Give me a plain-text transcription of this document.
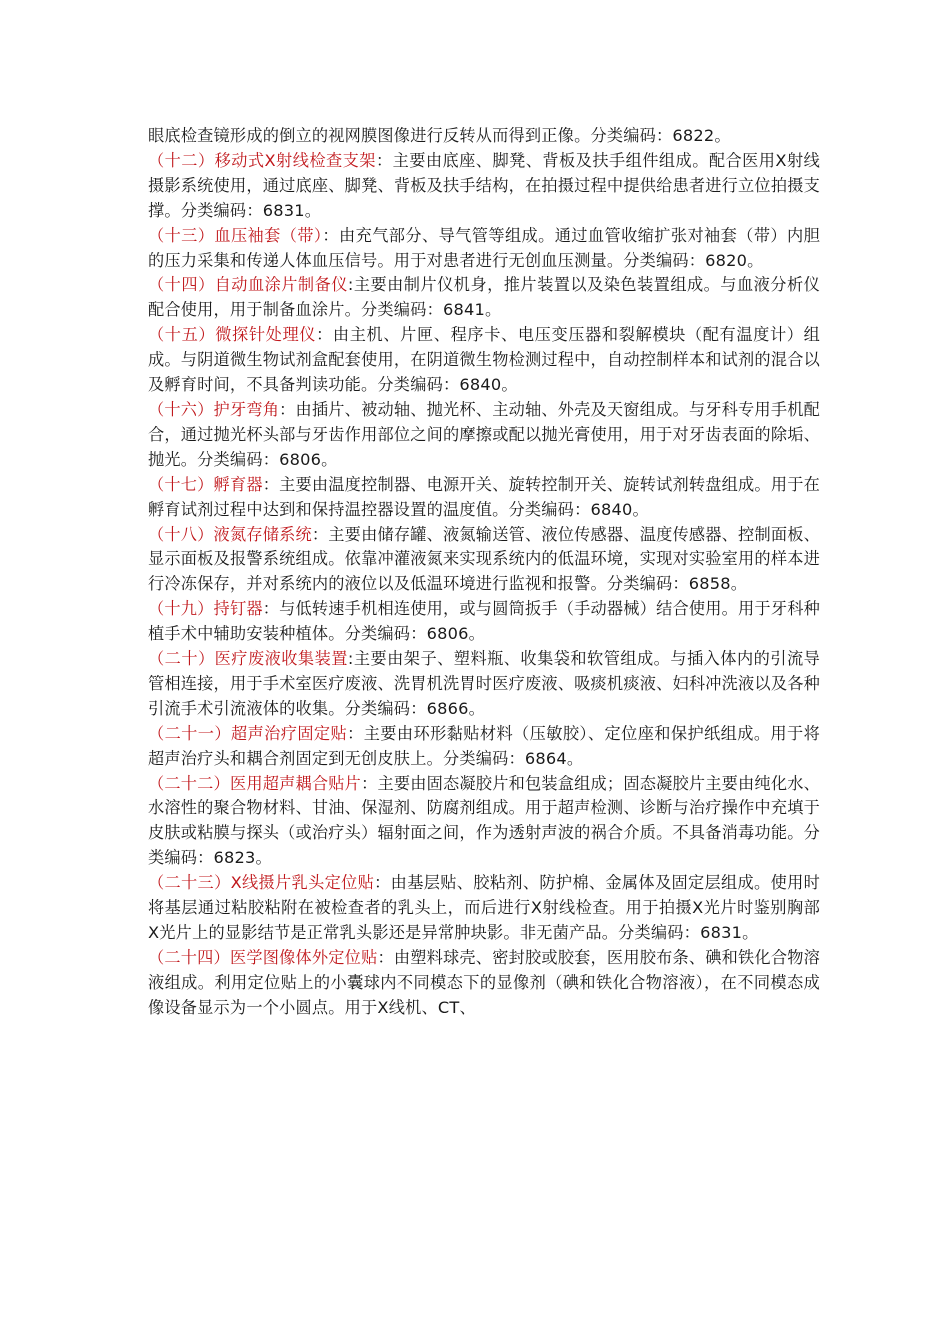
眼底检查镜形成的倒立的视网膜图像进行反转从而得到正像。分类编码：6822。

（十二）移动式X射线检查支架：主要由底座、脚凳、背板及扶手组件组成。配合医用X射线摄影系统使用，通过底座、脚凳、背板及扶手结构，在拍摄过程中提供给患者进行立位拍摄支撑。分类编码：6831。

（十三）血压袖套（带）：由充气部分、导气管等组成。通过血管收缩扩张对袖套（带）内胆的压力采集和传递人体血压信号。用于对患者进行无创血压测量。分类编码：6820。

（十四）自动血涂片制备仪:主要由制片仪机身，推片装置以及染色装置组成。与血液分析仪配合使用，用于制备血涂片。分类编码：6841。

（十五）微探针处理仪：由主机、片匣、程序卡、电压变压器和裂解模块（配有温度计）组成。与阴道微生物试剂盒配套使用，在阴道微生物检测过程中，自动控制样本和试剂的混合以及孵育时间，不具备判读功能。分类编码：6840。

（十六）护牙弯角：由插片、被动轴、抛光杯、主动轴、外壳及天窗组成。与牙科专用手机配合，通过抛光杯头部与牙齿作用部位之间的摩擦或配以抛光膏使用，用于对牙齿表面的除垢、抛光。分类编码：6806。

（十七）孵育器：主要由温度控制器、电源开关、旋转控制开关、旋转试剂转盘组成。用于在孵育试剂过程中达到和保持温控器设置的温度值。分类编码：6840。

（十八）液氮存储系统：主要由储存罐、液氮输送管、液位传感器、温度传感器、控制面板、显示面板及报警系统组成。依靠冲灌液氮来实现系统内的低温环境，实现对实验室用的样本进行冷冻保存，并对系统内的液位以及低温环境进行监视和报警。分类编码：6858。

（十九）持钉器：与低转速手机相连使用，或与圆筒扳手（手动器械）结合使用。用于牙科种植手术中辅助安装种植体。分类编码：6806。

（二十）医疗废液收集装置:主要由架子、塑料瓶、收集袋和软管组成。与插入体内的引流导管相连接，用于手术室医疗废液、洗胃机洗胃时医疗废液、吸痰机痰液、妇科冲洗液以及各种引流手术引流液体的收集。分类编码：6866。

（二十一）超声治疗固定贴：主要由环形黏贴材料（压敏胶）、定位座和保护纸组成。用于将超声治疗头和耦合剂固定到无创皮肤上。分类编码：6864。

（二十二）医用超声耦合贴片：主要由固态凝胶片和包装盒组成；固态凝胶片主要由纯化水、水溶性的聚合物材料、甘油、保湿剂、防腐剂组成。用于超声检测、诊断与治疗操作中充填于皮肤或粘膜与探头（或治疗头）辐射面之间，作为透射声波的祸合介质。不具备消毒功能。分类编码：6823。

（二十三）X线摄片乳头定位贴：由基层贴、胶粘剂、防护棉、金属体及固定层组成。使用时将基层通过粘胶粘附在被检查者的乳头上，而后进行X射线检查。用于拍摄X光片时鉴别胸部X光片上的显影结节是正常乳头影还是异常肿块影。非无菌产品。分类编码：6831。

（二十四）医学图像体外定位贴：由塑料球壳、密封胶或胶套，医用胶布条、碘和铁化合物溶液组成。利用定位贴上的小囊球内不同模态下的显像剂（碘和铁化合物溶液），在不同模态成像设备显示为一个小圆点。用于X线机、CT、
